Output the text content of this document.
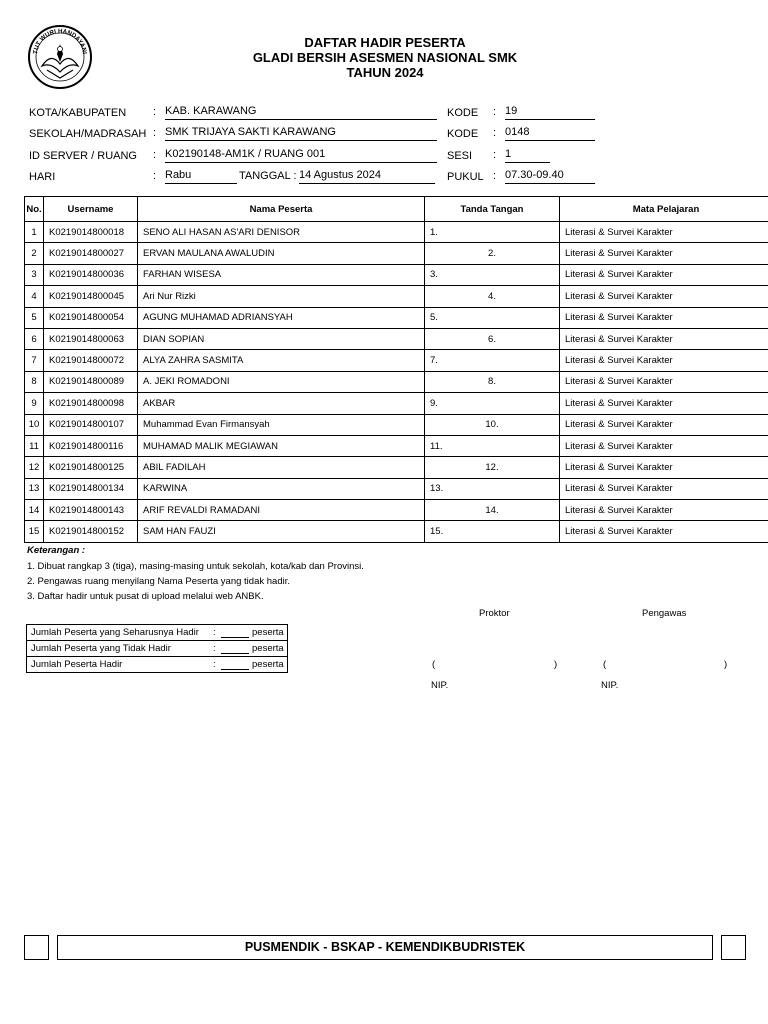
TUT WURI HANDAYANI
DAFTAR HADIR PESERTA
GLADI BERSIH ASESMEN NASIONAL SMK
TAHUN 2024
KOTA/KABUPATEN : KAB. KARAWANG	KODE : 19
SEKOLAH/MADRASAH : SMK TRIJAYA SAKTI KARAWANG	KODE : 0148
ID SERVER / RUANG : K02190148-AM1K / RUANG 001	SESI : 1
HARI	: Rabu	TANGGAL : 14 Agustus 2024	PUKUL : 07.30-09.40
No.	Username	Nama Peserta	Tanda Tangan	Mata Pelajaran
1	K0219014800018	SENO ALI HASAN AS'ARI DENISOR	1.	Literasi & Survei Karakter
2	K0219014800027	ERVAN MAULANA AWALUDIN	2.	Literasi & Survei Karakter
3	K0219014800036	FARHAN WISESA	3.	Literasi & Survei Karakter
4	K0219014800045	Ari Nur Rizki	4.	Literasi & Survei Karakter
5	K0219014800054	AGUNG MUHAMAD ADRIANSYAH	5.	Literasi & Survei Karakter
6	K0219014800063	DIAN SOPIAN	6.	Literasi & Survei Karakter
7	K0219014800072	ALYA ZAHRA SASMITA	7.	Literasi & Survei Karakter
8	K0219014800089	A. JEKI ROMADONI	8.	Literasi & Survei Karakter
9	K0219014800098	AKBAR	9.	Literasi & Survei Karakter
10	K0219014800107	Muhammad Evan Firmansyah	10.	Literasi & Survei Karakter
11	K0219014800116	MUHAMAD MALIK MEGIAWAN	11.	Literasi & Survei Karakter
12	K0219014800125	ABIL FADILAH	12.	Literasi & Survei Karakter
13	K0219014800134	KARWINA	13.	Literasi & Survei Karakter
14	K0219014800143	ARIF REVALDI RAMADANI	14.	Literasi & Survei Karakter
15	K0219014800152	SAM HAN FAUZI	15.	Literasi & Survei Karakter
Keterangan :
1. Dibuat rangkap 3 (tiga), masing-masing untuk sekolah, kota/kab dan Provinsi.
2. Pengawas ruang menyilang Nama Peserta yang tidak hadir.
3. Daftar hadir untuk pusat di upload melalui web ANBK.
Proktor	Pengawas
Jumlah Peserta yang Seharusnya Hadir :	peserta
Jumlah Peserta yang Tidak Hadir	:	peserta
Jumlah Peserta Hadir	:	peserta	(	)	(	)
NIP.	NIP.
PUSMENDIK - BSKAP - KEMENDIKBUDRISTEK
